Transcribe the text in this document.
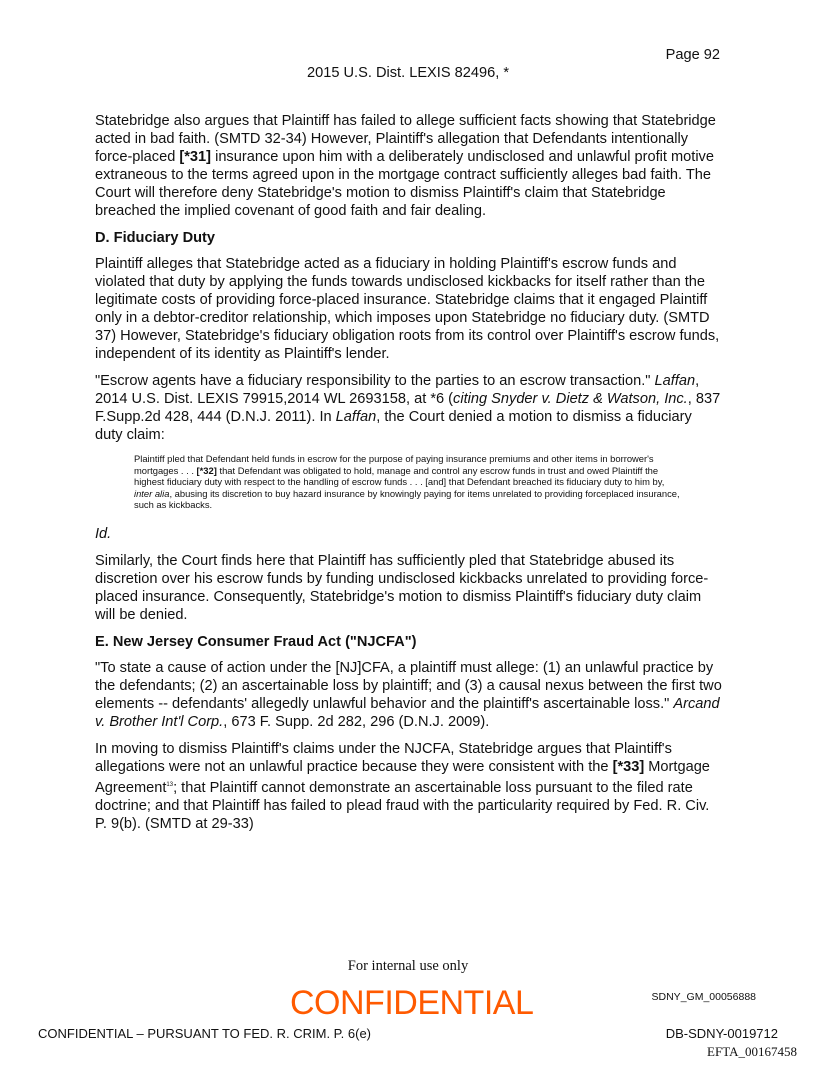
Page 92
2015 U.S. Dist. LEXIS 82496, *
Statebridge also argues that Plaintiff has failed to allege sufficient facts showing that Statebridge acted in bad faith. (SMTD 32-34) However, Plaintiff's allegation that Defendants intentionally force-placed [*31] insurance upon him with a deliberately undisclosed and unlawful profit motive extraneous to the terms agreed upon in the mortgage contract sufficiently alleges bad faith. The Court will therefore deny Statebridge's motion to dismiss Plaintiff's claim that Statebridge breached the implied covenant of good faith and fair dealing.
D. Fiduciary Duty
Plaintiff alleges that Statebridge acted as a fiduciary in holding Plaintiff's escrow funds and violated that duty by applying the funds towards undisclosed kickbacks for itself rather than the legitimate costs of providing force-placed insurance. Statebridge claims that it engaged Plaintiff only in a debtor-creditor relationship, which imposes upon Statebridge no fiduciary duty. (SMTD 37) However, Statebridge's fiduciary obligation roots from its control over Plaintiff's escrow funds, independent of its identity as Plaintiff's lender.
"Escrow agents have a fiduciary responsibility to the parties to an escrow transaction." Laffan, 2014 U.S. Dist. LEXIS 79915,2014 WL 2693158, at *6 (citing Snyder v. Dietz & Watson, Inc., 837 F.Supp.2d 428, 444 (D.N.J. 2011). In Laffan, the Court denied a motion to dismiss a fiduciary duty claim:
Plaintiff pled that Defendant held funds in escrow for the purpose of paying insurance premiums and other items in borrower's mortgages . . . [*32] that Defendant was obligated to hold, manage and control any escrow funds in trust and owed Plaintiff the highest fiduciary duty with respect to the handling of escrow funds . . . [and] that Defendant breached its fiduciary duty to him by, inter alia, abusing its discretion to buy hazard insurance by knowingly paying for items unrelated to providing forceplaced insurance, such as kickbacks.
Id.
Similarly, the Court finds here that Plaintiff has sufficiently pled that Statebridge abused its discretion over his escrow funds by funding undisclosed kickbacks unrelated to providing force-placed insurance. Consequently, Statebridge's motion to dismiss Plaintiff's fiduciary duty claim will be denied.
E. New Jersey Consumer Fraud Act ("NJCFA")
"To state a cause of action under the [NJ]CFA, a plaintiff must allege: (1) an unlawful practice by the defendants; (2) an ascertainable loss by plaintiff; and (3) a causal nexus between the first two elements -- defendants' allegedly unlawful behavior and the plaintiff's ascertainable loss." Arcand v. Brother Int'l Corp., 673 F. Supp. 2d 282, 296 (D.N.J. 2009).
In moving to dismiss Plaintiff's claims under the NJCFA, Statebridge argues that Plaintiff's allegations were not an unlawful practice because they were consistent with the [*33] Mortgage Agreement$^{13}$; that Plaintiff cannot demonstrate an ascertainable loss pursuant to the filed rate doctrine; and that Plaintiff has failed to plead fraud with the particularity required by Fed. R. Civ. P. 9(b). (SMTD at 29-33)
For internal use only
SDNY_GM_00056888
CONFIDENTIAL
CONFIDENTIAL – PURSUANT TO FED. R. CRIM. P. 6(e)	DB-SDNY-0019712
EFTA_00167458
